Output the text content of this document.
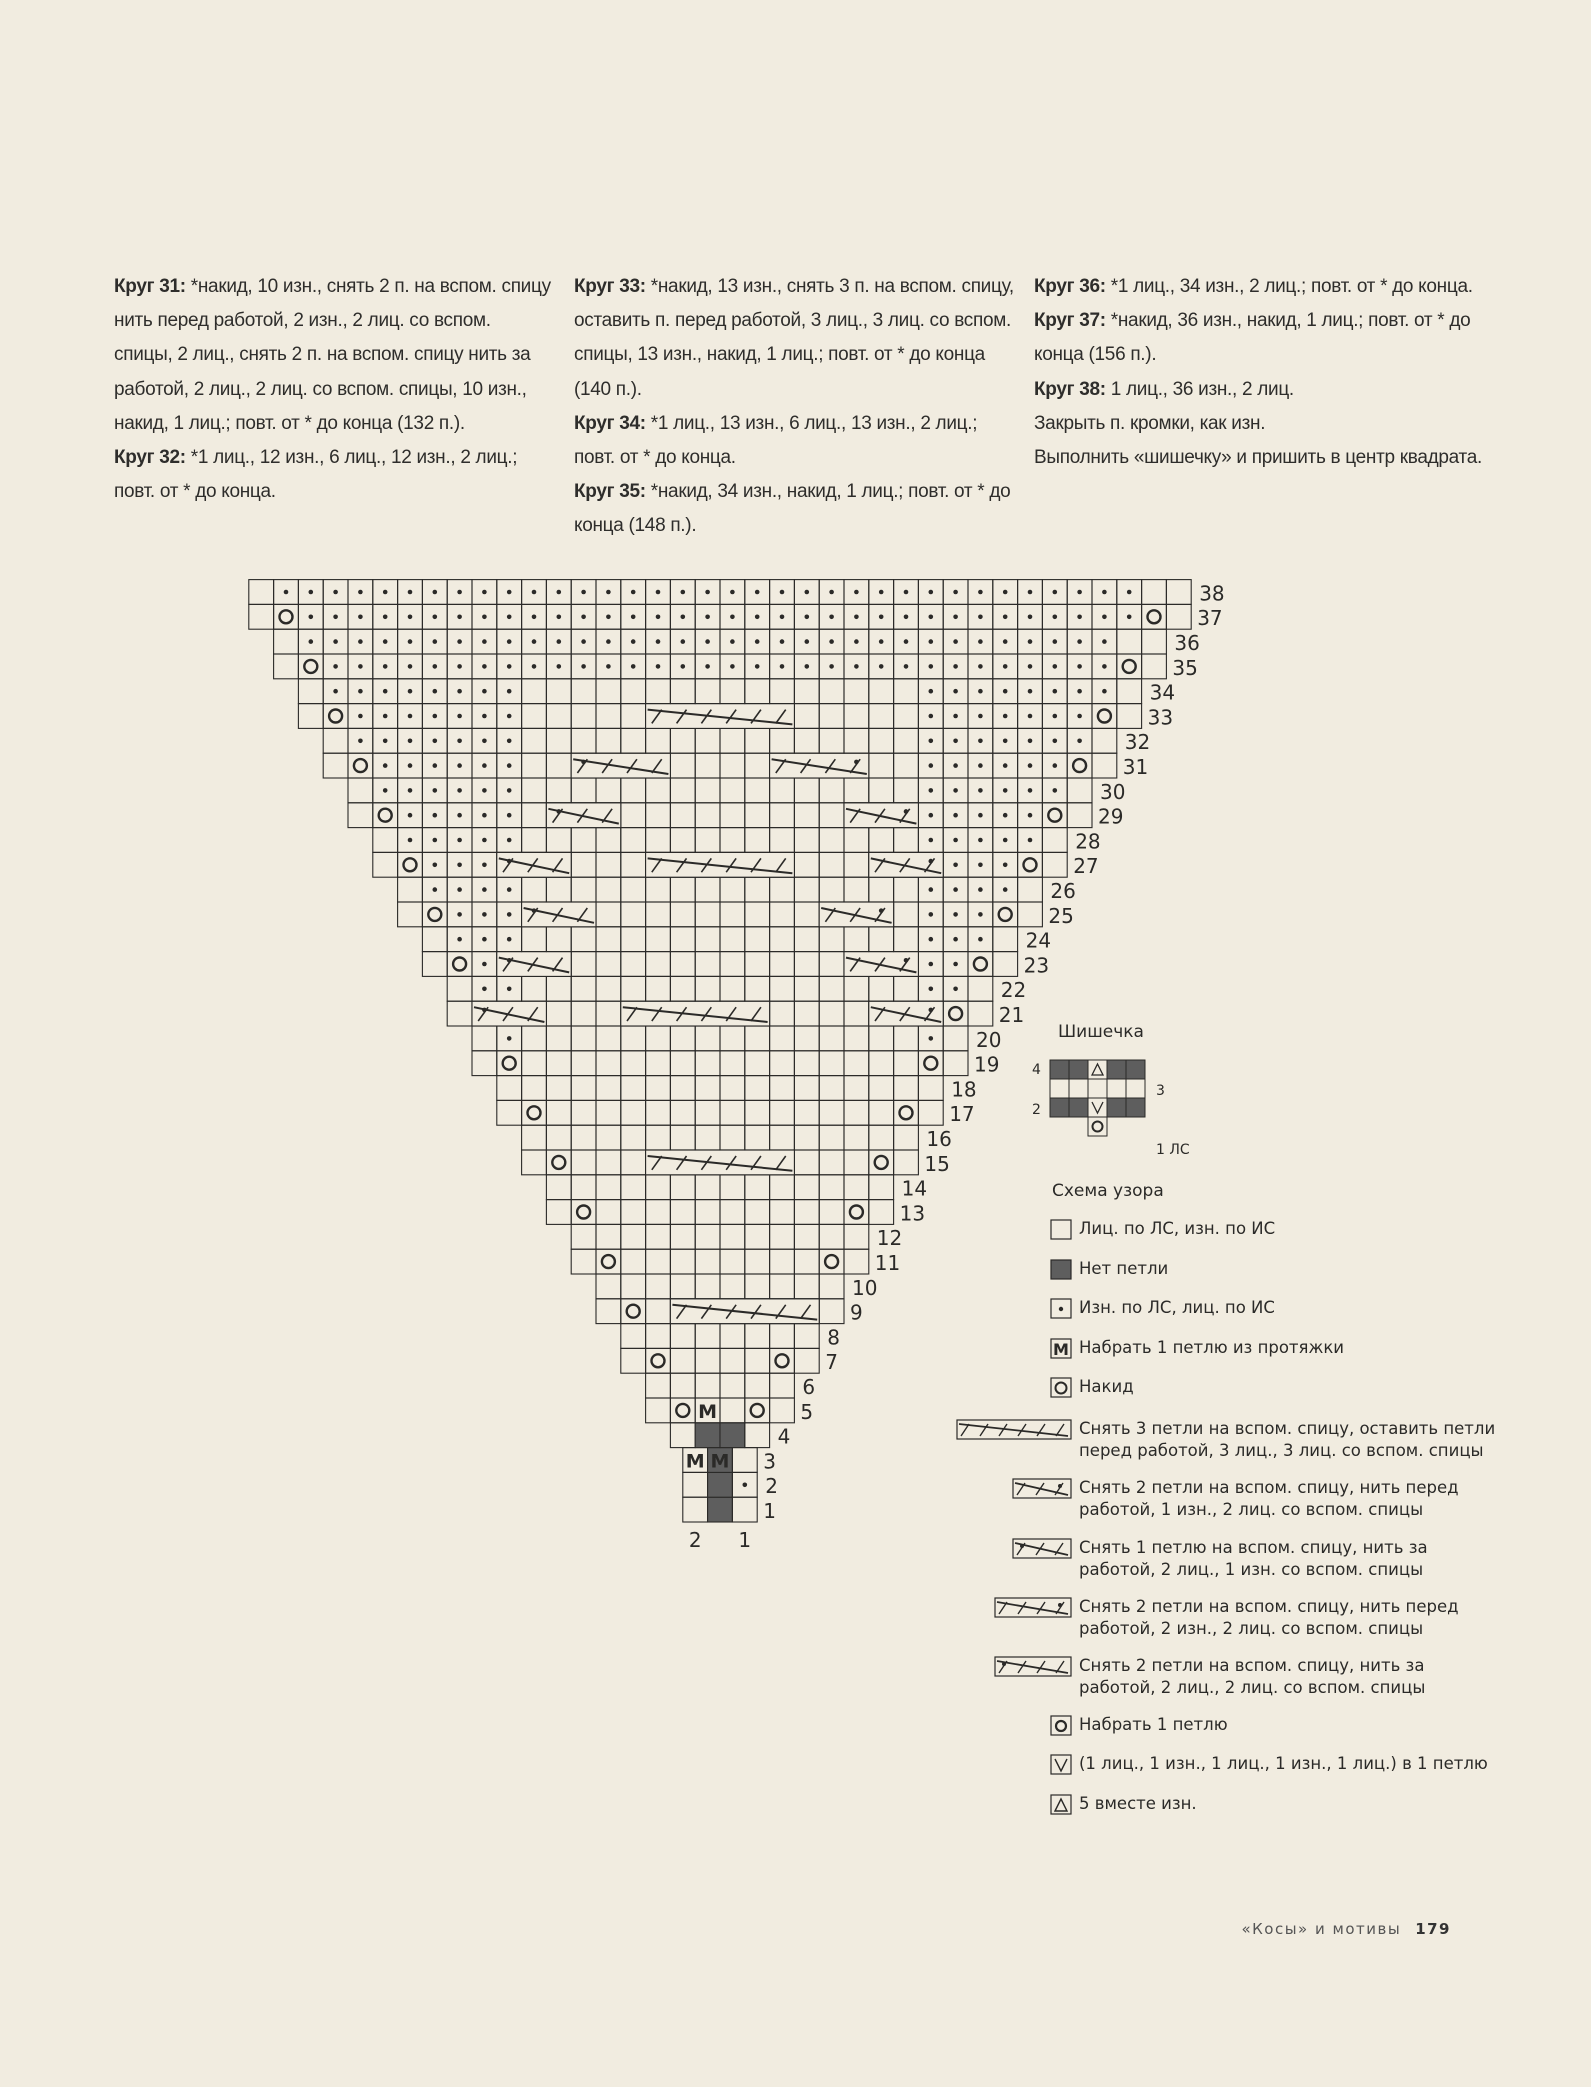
Круг 31: *накид, 10 изн., снять 2 п. на вспом. спицу нить перед работой, 2 изн., 2 лиц. со вспом. спицы, 2 лиц., снять 2 п. на вспом. спицу нить за работой, 2 лиц., 2 лиц. со вспом. спицы, 10 изн., накид, 1 лиц.; повт. от * до конца (132 п.).

Круг 32: *1 лиц., 12 изн., 6 лиц., 12 изн., 2 лиц.; повт. от * до конца.

Круг 33: *накид, 13 изн., снять 3 п. на вспом. спицу, оставить п. перед работой, 3 лиц., 3 лиц. со вспом. спицы, 13 изн., накид, 1 лиц.; повт. от * до конца (140 п.).

Круг 34: *1 лиц., 13 изн., 6 лиц., 13 изн., 2 лиц.; повт. от * до конца.

Круг 35: *накид, 34 изн., накид, 1 лиц.; повт. от * до конца (148 п.).

Круг 36: *1 лиц., 34 изн., 2 лиц.; повт. от * до конца.

Круг 37: *накид, 36 изн., накид, 1 лиц.; повт. от * до конца (156 п.).

Круг 38: 1 лиц., 36 изн., 2 лиц.

Закрыть п. кромки, как изн.

Выполнить «шишечку» и пришить в центр квадрата.

1
2
M M 3
4
M	5
6
7
8
9
10
11
12
13
14
15
16
17
18
19
20
21
22
23
24
25
26
27
28
29
30
31
32
33
34
35
36
37
38
2 1
Шишечка
4
3
2
1 ЛС
Схема узора
Лиц. по ЛС, изн. по ИС
Нет петли
Изн. по ЛС, лиц. по ИС
Набрать 1 петлю из протяжки
Накид
Снять 3 петли на вспом. спицу, оставить петли перед работой, 3 лиц., 3 лиц. со вспом. спицы
Снять 2 петли на вспом. спицу, нить перед работой, 1 изн., 2 лиц. со вспом. спицы
Снять 1 петлю на вспом. спицу, нить за работой, 2 лиц., 1 изн. со вспом. спицы
Снять 2 петли на вспом. спицу, нить перед работой, 2 изн., 2 лиц. со вспом. спицы
Снять 2 петли на вспом. спицу, нить за работой, 2 лиц., 2 лиц. со вспом. спицы
Набрать 1 петлю
(1 лиц., 1 изн., 1 лиц., 1 изн., 1 лиц.) в 1 петлю
5 вместе изн.
«Косы» и мотивы 179
M
